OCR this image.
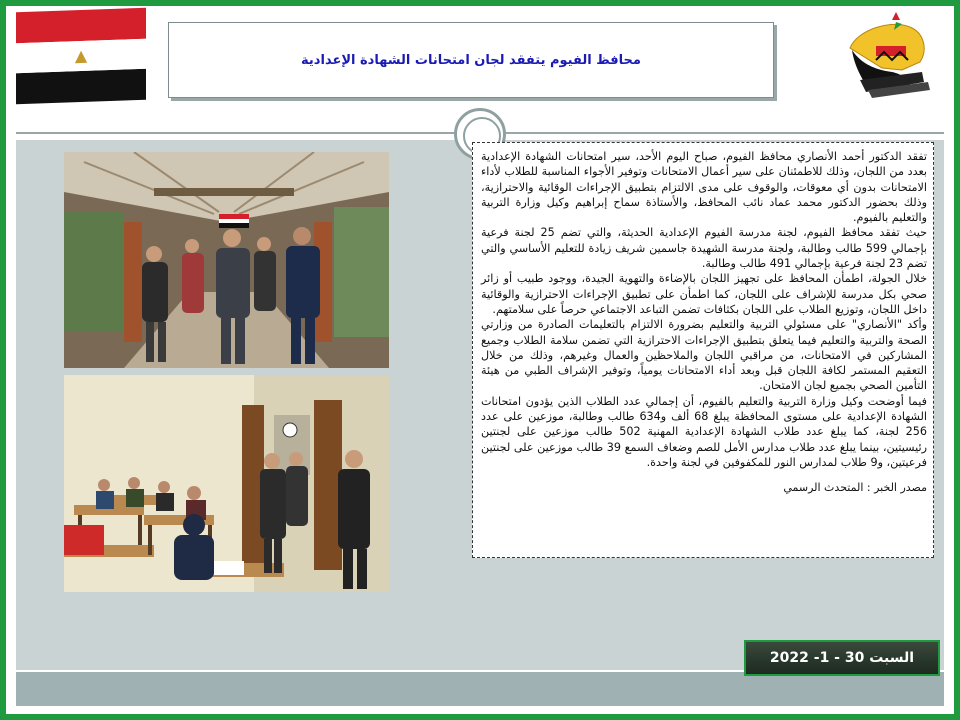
▲	محافظ الفيوم يتفقد لجان امتحانات الشهادة الإعدادية

تفقد الدكتور أحمد الأنصاري محافظ الفيوم، صباح اليوم الأحد، سير امتحانات الشهادة الإعدادية بعدد من اللجان، وذلك للاطمئنان على سير أعمال الامتحانات وتوفير الأجواء المناسبة للطلاب لأداء الامتحانات بدون أي معوقات، والوقوف على مدى الالتزام بتطبيق الإجراءات الوقائية والاحترازية، وذلك بحضور الدكتور محمد عماد نائب المحافظ، والأستاذة سماح إبراهيم وكيل وزارة التربية والتعليم بالفيوم.

حيث تفقد محافظ الفيوم، لجنة مدرسة الفيوم الإعدادية الحديثة، والتي تضم 25 لجنة فرعية بإجمالي 599 طالب وطالبة، ولجنة مدرسة الشهيدة جاسمين شريف زيادة للتعليم الأساسي والتي تضم 23 لجنة فرعية بإجمالي 491 طالب وطالبة.

خلال الجولة، اطمأن المحافظ على تجهيز اللجان بالإضاءة والتهوية الجيدة، ووجود طبيب أو زائر صحي بكل مدرسة للإشراف على اللجان، كما اطمأن على تطبيق الإجراءات الاحترازية والوقائية داخل اللجان، وتوزيع الطلاب على اللجان بكثافات تضمن التباعد الاجتماعي حرصاً على سلامتهم.

وأكد "الأنصاري" على مسئولي التربية والتعليم بضرورة الالتزام بالتعليمات الصادرة من وزارتي الصحة والتربية والتعليم فيما يتعلق بتطبيق الإجراءات الاحترازية التي تضمن سلامة الطلاب وجميع المشاركين في الامتحانات، من مراقبي اللجان والملاحظين والعمال وغيرهم، وذلك من خلال التعقيم المستمر لكافة اللجان قبل وبعد أداء الامتحانات يومياً، وتوفير الإشراف الطبي من هيئة التأمين الصحي بجميع لجان الامتحان.

فيما أوضحت وكيل وزارة التربية والتعليم بالفيوم، أن إجمالي عدد الطلاب الذين يؤدون امتحانات الشهادة الإعدادية على مستوى المحافظة يبلغ 68 ألف و634 طالب وطالبة، موزعين على عدد 256 لجنة، كما يبلغ عدد طلاب الشهادة الإعدادية المهنية 502 طالب موزعين على لجنتين رئيسيتين، بينما يبلغ عدد طلاب مدارس الأمل للصم وضعاف السمع 39 طالب موزعين على لجنتين فرعيتين، و9 طلاب لمدارس النور للمكفوفين في لجنة واحدة.

مصدر الخبر : المتحدث الرسمي

السبت 30 - 1- 2022
